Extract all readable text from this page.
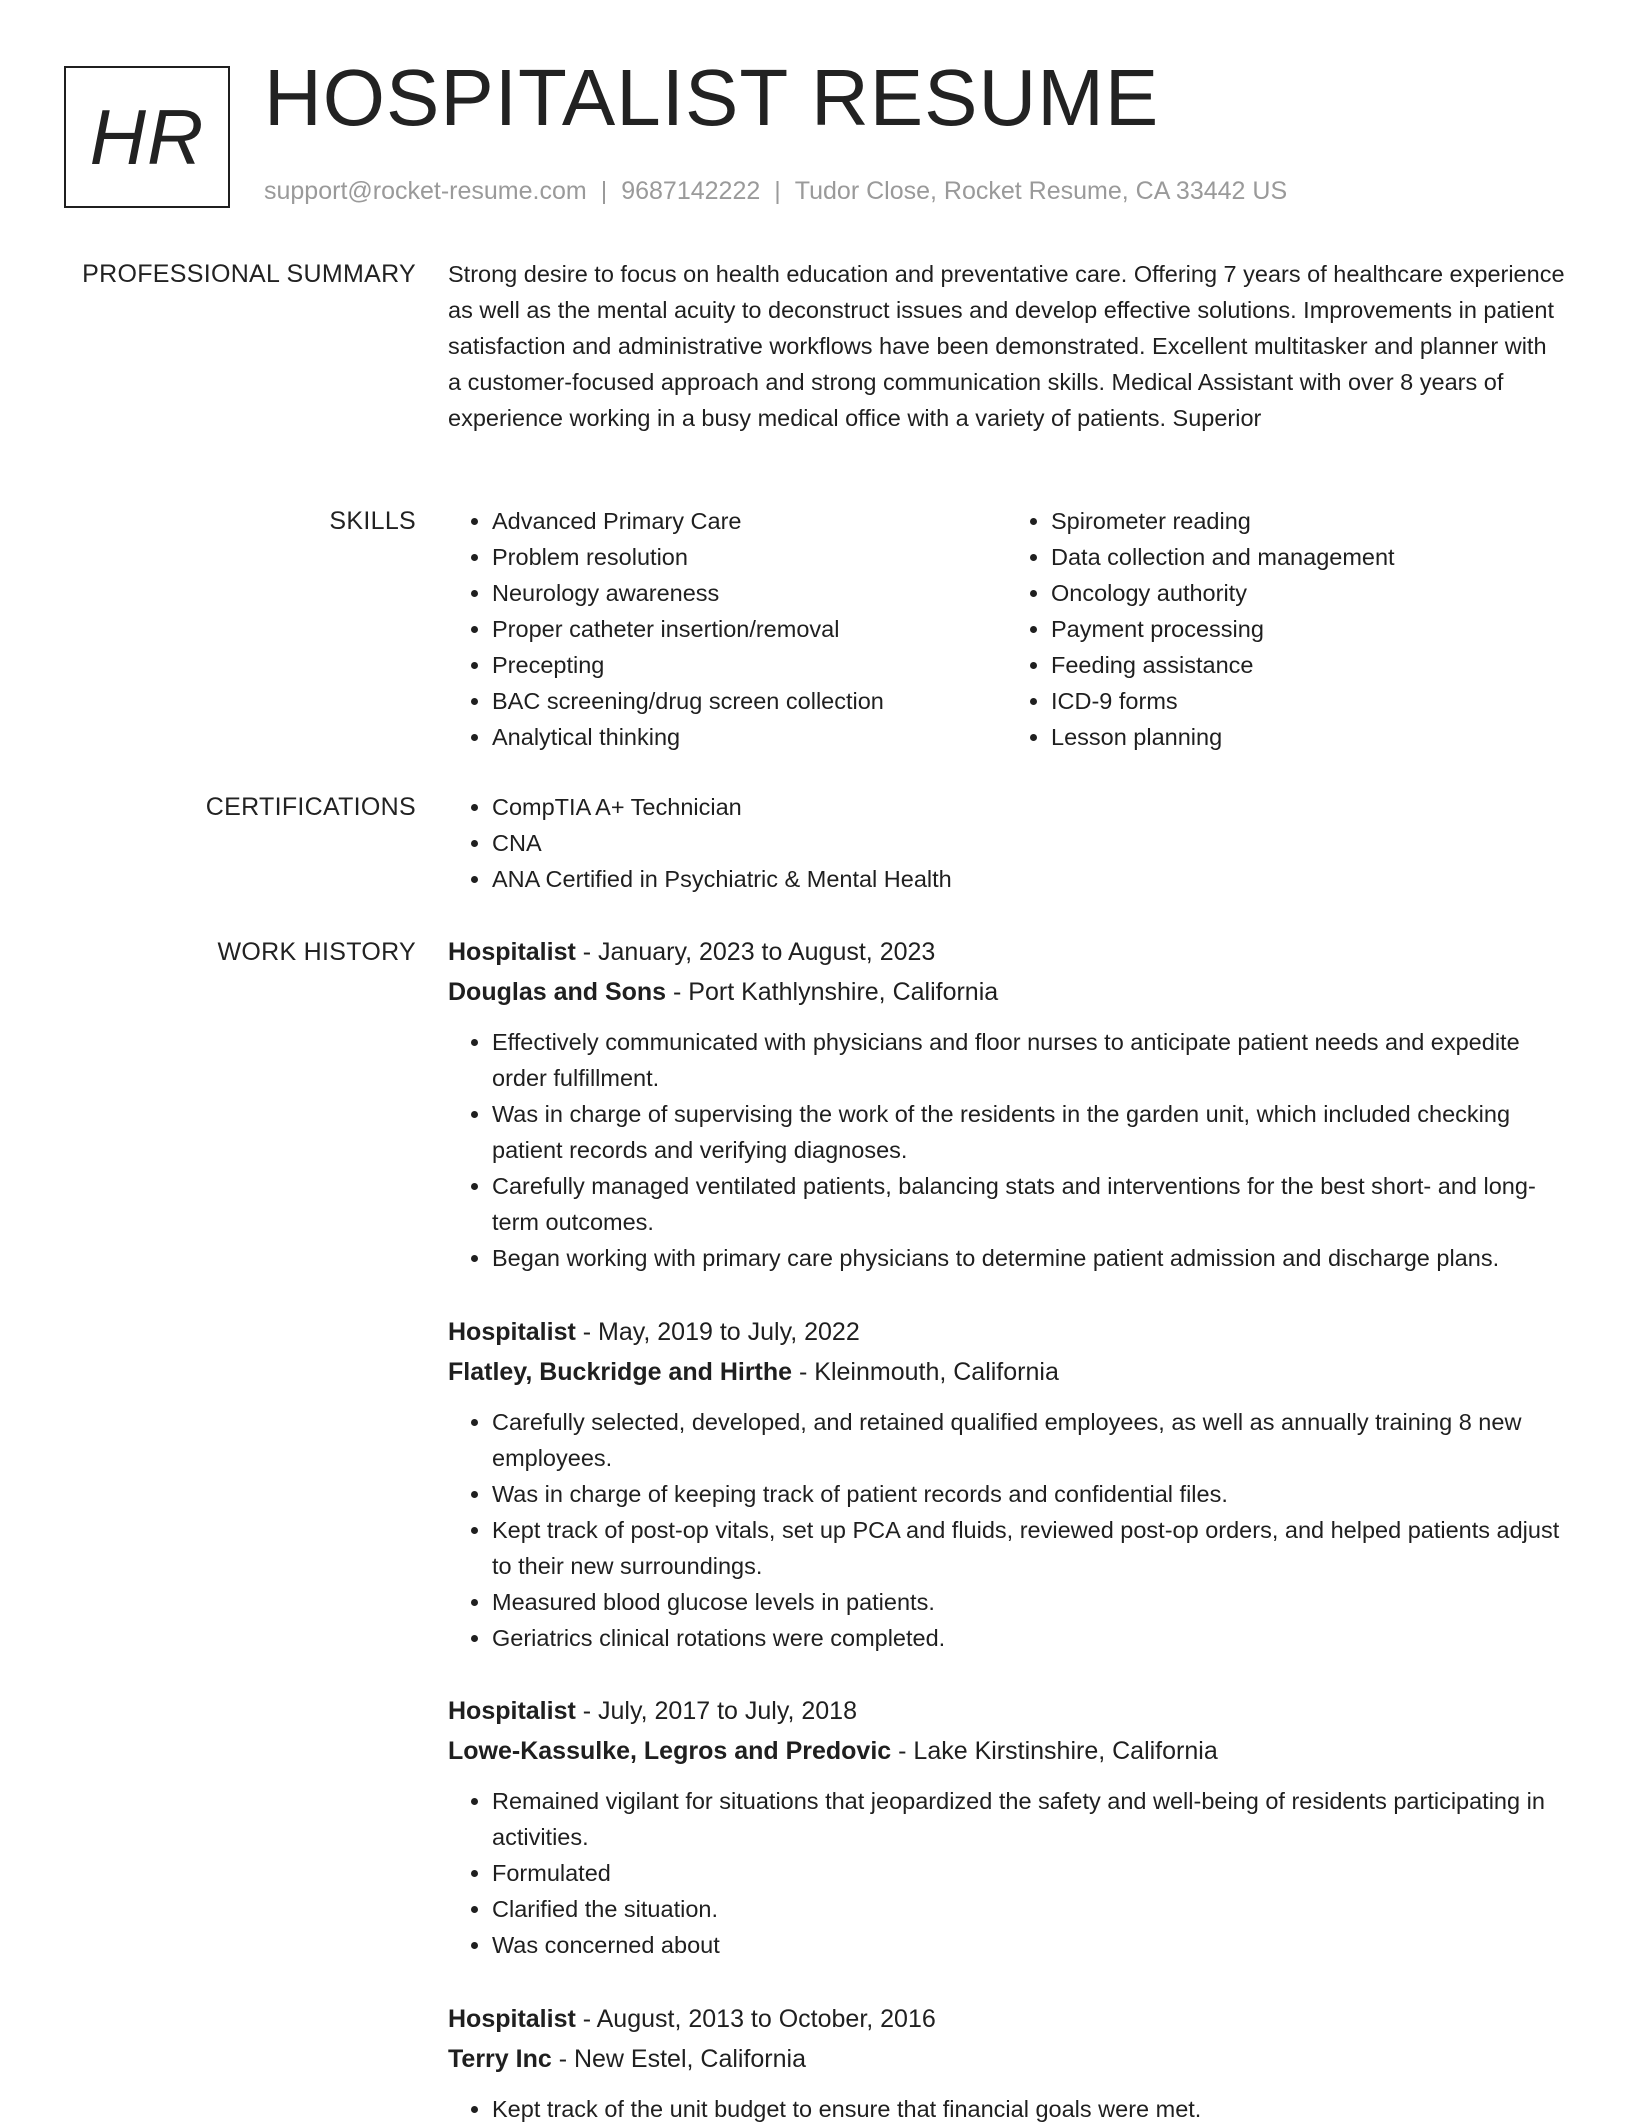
HR HOSPITALIST RESUME
support@rocket-resume.com | 9687142222 | Tudor Close, Rocket Resume, CA 33442 US
PROFESSIONAL SUMMARY Strong desire to focus on health education and preventative care. Offering 7 years of healthcare experience as well as the mental acuity to deconstruct issues and develop effective solutions. Improvements in patient satisfaction and administrative workflows have been demonstrated. Excellent multitasker and planner with a customer-focused approach and strong communication skills. Medical Assistant with over 8 years of experience working in a busy medical office with a variety of patients. Superior

SKILLS	• Advanced Primary Care
• Problem resolution
• Neurology awareness
• Proper catheter insertion/removal
• Precepting
• BAC screening/drug screen collection
• Analytical thinking
• Spirometer reading
• Data collection and management
• Oncology authority
• Payment processing
• Feeding assistance
• ICD-9 forms
• Lesson planning
CERTIFICATIONS	• CompTIA A+ Technician
• CNA
• ANA Certified in Psychiatric & Mental Health
WORK HISTORY Hospitalist - January, 2023 to August, 2023
Douglas and Sons - Port Kathlynshire, California
• Effectively communicated with physicians and floor nurses to anticipate patient needs and expedite order fulfillment.
• Was in charge of supervising the work of the residents in the garden unit, which included checking patient records and verifying diagnoses.
• Carefully managed ventilated patients, balancing stats and interventions for the best short- and long-term outcomes.
• Began working with primary care physicians to determine patient admission and discharge plans.
Hospitalist - May, 2019 to July, 2022
Flatley, Buckridge and Hirthe - Kleinmouth, California
• Carefully selected, developed, and retained qualified employees, as well as annually training 8 new employees.
• Was in charge of keeping track of patient records and confidential files.
• Kept track of post-op vitals, set up PCA and fluids, reviewed post-op orders, and helped patients adjust to their new surroundings.
• Measured blood glucose levels in patients.
• Geriatrics clinical rotations were completed.
Hospitalist - July, 2017 to July, 2018
Lowe-Kassulke, Legros and Predovic - Lake Kirstinshire, California
• Remained vigilant for situations that jeopardized the safety and well-being of residents participating in activities.
• Formulated
• Clarified the situation.
• Was concerned about
Hospitalist - August, 2013 to October, 2016
Terry Inc - New Estel, California
• Kept track of the unit budget to ensure that financial goals were met.
